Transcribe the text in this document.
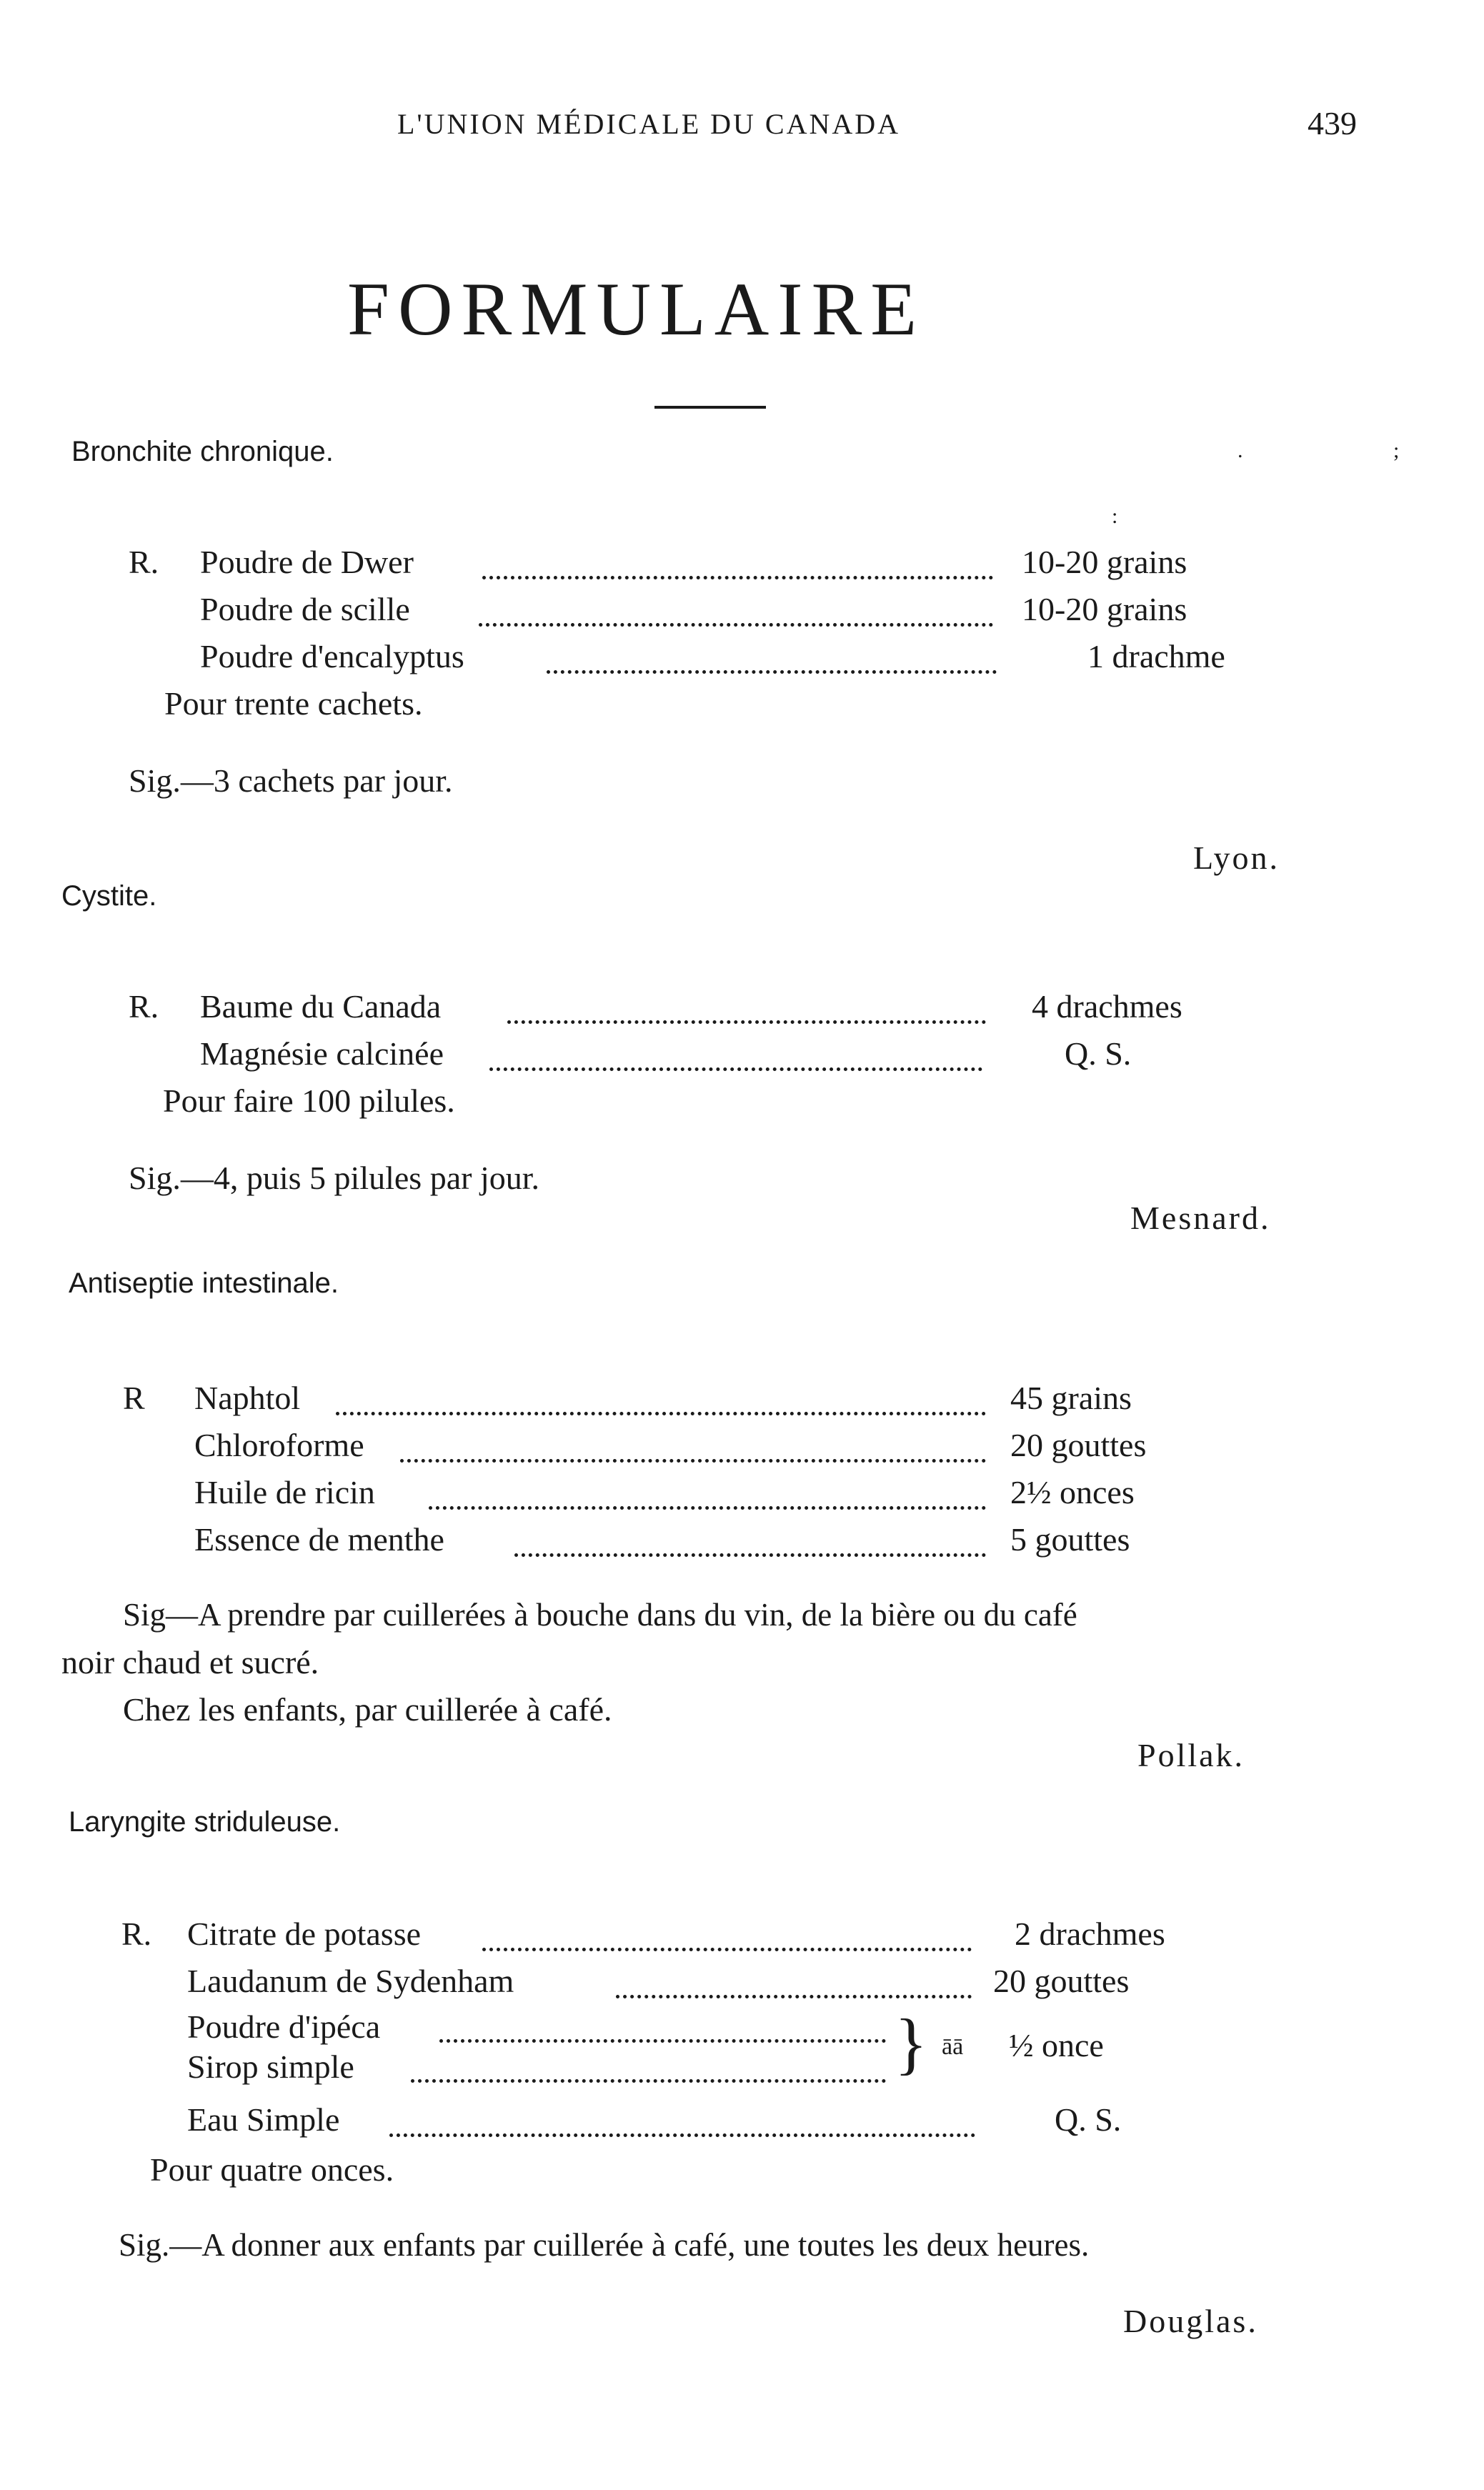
L'UNION MÉDICALE DU CANADA	439
FORMULAIRE
.	;
:
Bronchite chronique.
R. Poudre de Dwer	10-20 grains
Poudre de scille	10-20 grains
Poudre d'encalyptus	1 drachme
Pour trente cachets.
Sig.—3 cachets par jour.
Lyon.
Cystite.
R. Baume du Canada	4 drachmes
Magnésie calcinée	Q. S.
Pour faire 100 pilules.
Sig.—4, puis 5 pilules par jour.
Mesnard.
Antiseptie intestinale.
R Naphtol	45 grains
Chloroforme	20 gouttes
Huile de ricin	2½ onces
Essence de menthe	5 gouttes
Sig—A prendre par cuillerées à bouche dans du vin, de la bière ou du café
noir chaud et sucré.
Chez les enfants, par cuillerée à café.
Pollak.
Laryngite striduleuse.
R. Citrate de potasse	2 drachmes
Laudanum de Sydenham	20 gouttes
Poudre d'ipéca
Sirop simple	} āā ½ once
Eau Simple	Q. S.
Pour quatre onces.
Sig.—A donner aux enfants par cuillerée à café, une toutes les deux heures.
Douglas.
